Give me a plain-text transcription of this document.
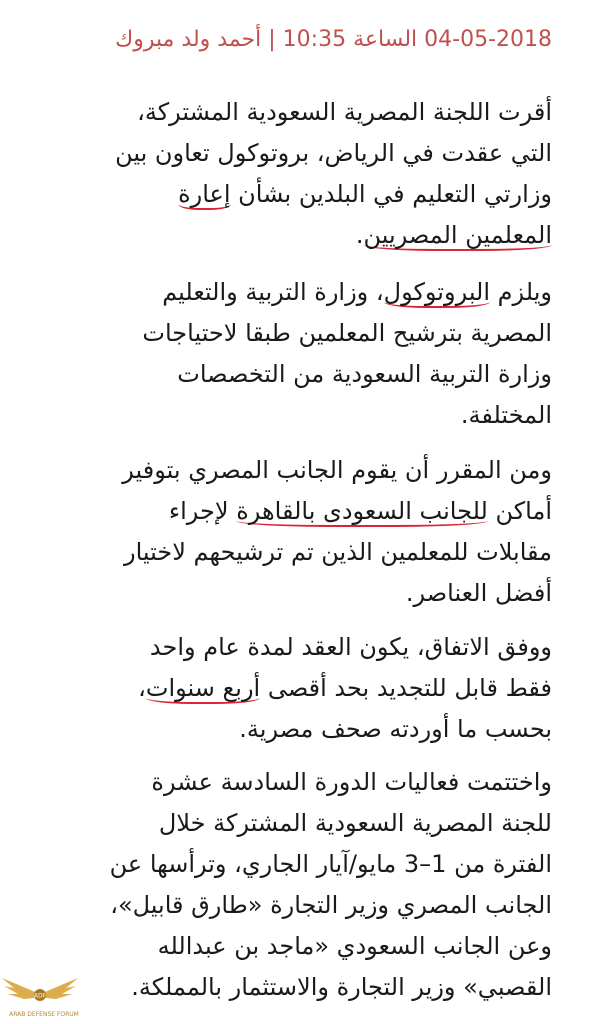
04-05-2018 الساعة 10:35 | أحمد ولد مبروك

أقرت اللجنة المصرية السعودية المشتركة،
التي عقدت في الرياض، بروتوكول تعاون بين
وزارتي التعليم في البلدين بشأن إعارة
المعلمين المصريين.

ويلزم البروتوكول، وزارة التربية والتعليم
المصرية بترشيح المعلمين طبقا لاحتياجات
وزارة التربية السعودية من التخصصات
المختلفة.

ومن المقرر أن يقوم الجانب المصري بتوفير
أماكن للجانب السعودى بالقاهرة لإجراء
مقابلات للمعلمين الذين تم ترشيحهم لاختيار
أفضل العناصر.

ووفق الاتفاق، يكون العقد لمدة عام واحد
فقط قابل للتجديد بحد أقصى أربع سنوات،
بحسب ما أوردته صحف مصرية.

واختتمت فعاليات الدورة السادسة عشرة
للجنة المصرية السعودية المشتركة خلال
الفترة من 1–3 مايو/آيار الجاري، وترأسها عن
الجانب المصري وزير التجارة «طارق قابيل»،
وعن الجانب السعودي «ماجد بن عبدالله
القصبي» وزير التجارة والاستثمار بالمملكة.

ADF
ARAB DEFENSE FORUM
